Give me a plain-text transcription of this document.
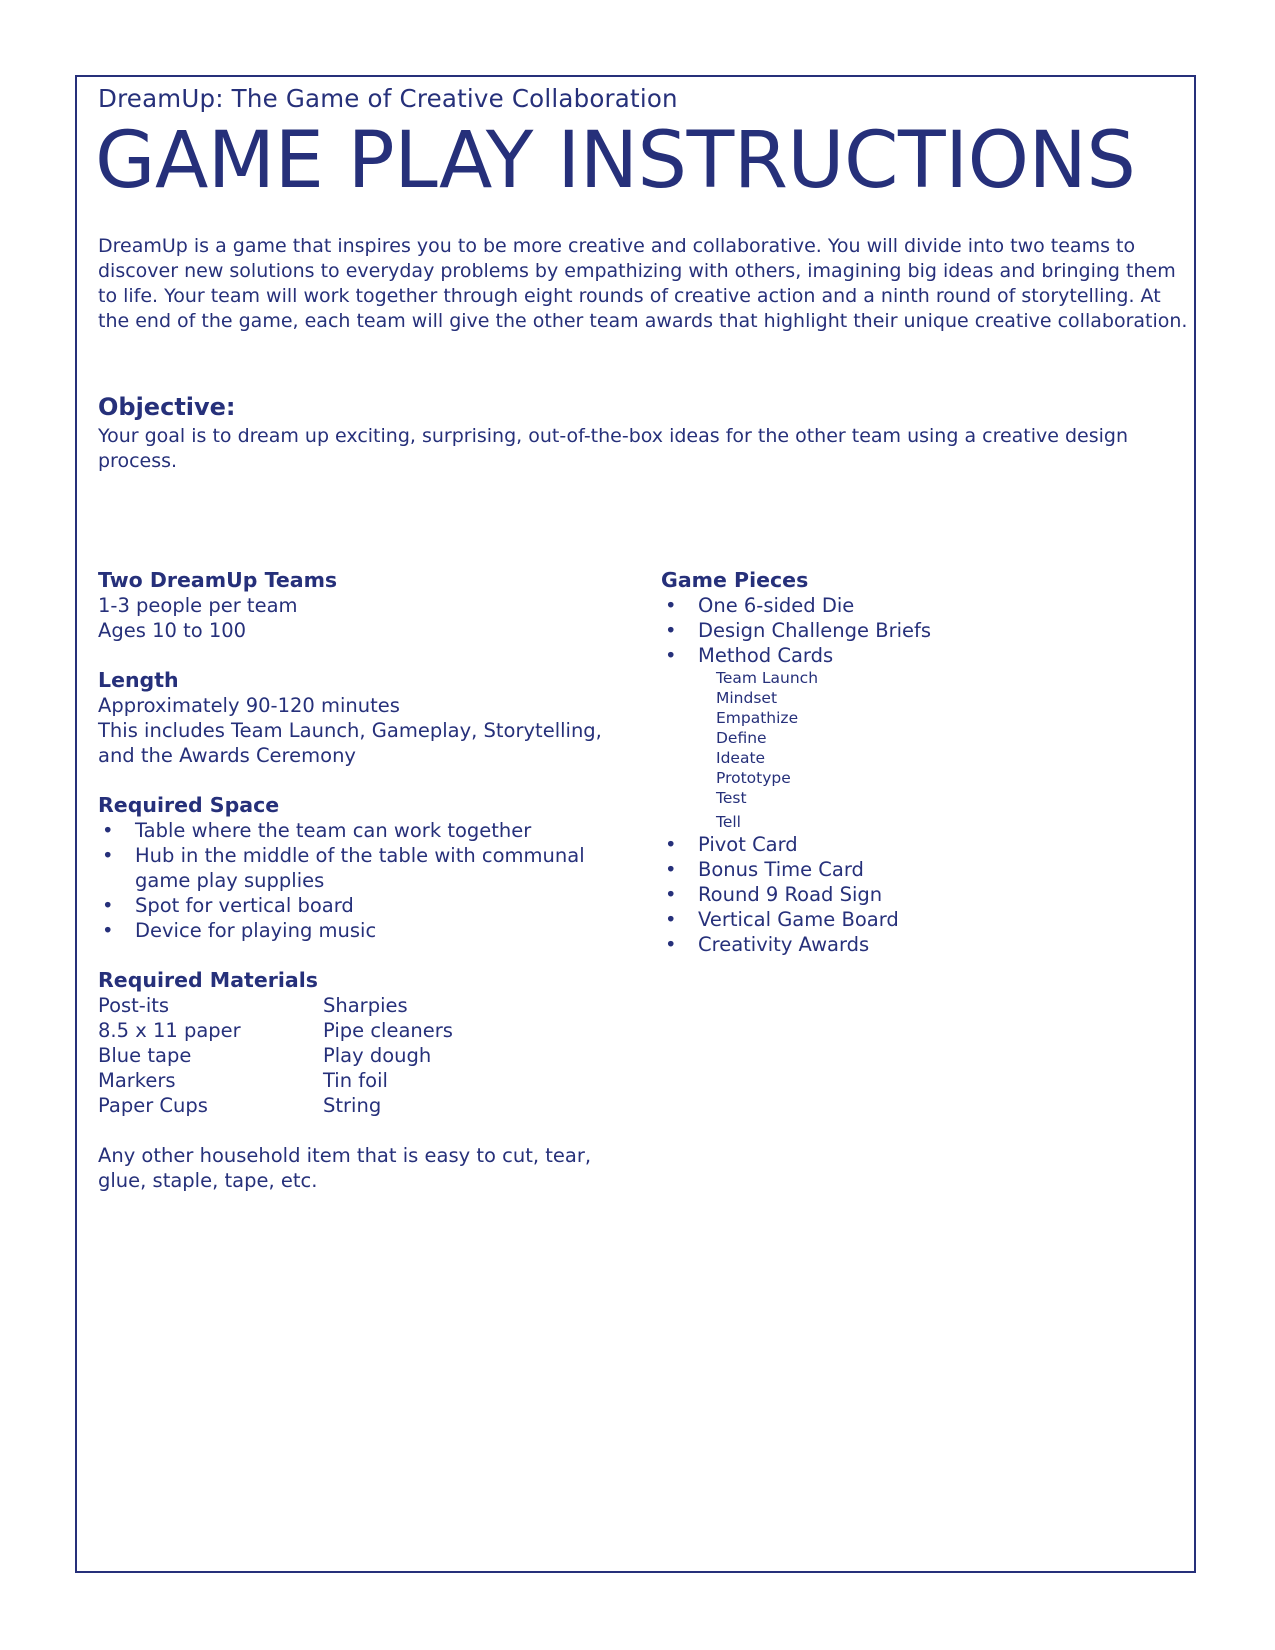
DreamUp: The Game of Creative Collaboration
GAME PLAY INSTRUCTIONS

DreamUp is a game that inspires you to be more creative and collaborative. You will divide into two teams to discover new solutions to everyday problems by empathizing with others, imagining big ideas and bringing them to life. Your team will work together through eight rounds of creative action and a ninth round of storytelling. At the end of the game, each team will give the other team awards that highlight their unique creative collaboration.

Objective:

Your goal is to dream up exciting, surprising, out-of-the-box ideas for the other team using a creative design process.

Two DreamUp Teams

1-3 people per team

Ages 10 to 100

Length

Approximately 90-120 minutes

This includes Team Launch, Gameplay, Storytelling, and the Awards Ceremony

Required Space
• Table where the team can work together
• Hub in the middle of the table with communal game play supplies
• Spot for vertical board
• Device for playing music
Required Materials

Post-its

8.5 x 11 paper

Blue tape

Markers

Paper Cups

Sharpies

Pipe cleaners

Play dough

Tin foil

String

Any other household item that is easy to cut, tear, glue, staple, tape, etc.

Game Pieces
• One 6-sided Die
• Design Challenge Briefs
• Method Cards
Team Launch
Mindset
Empathize
Define
Ideate
Prototype
Test
Tell
• Pivot Card
• Bonus Time Card
• Round 9 Road Sign
• Vertical Game Board
• Creativity Awards
